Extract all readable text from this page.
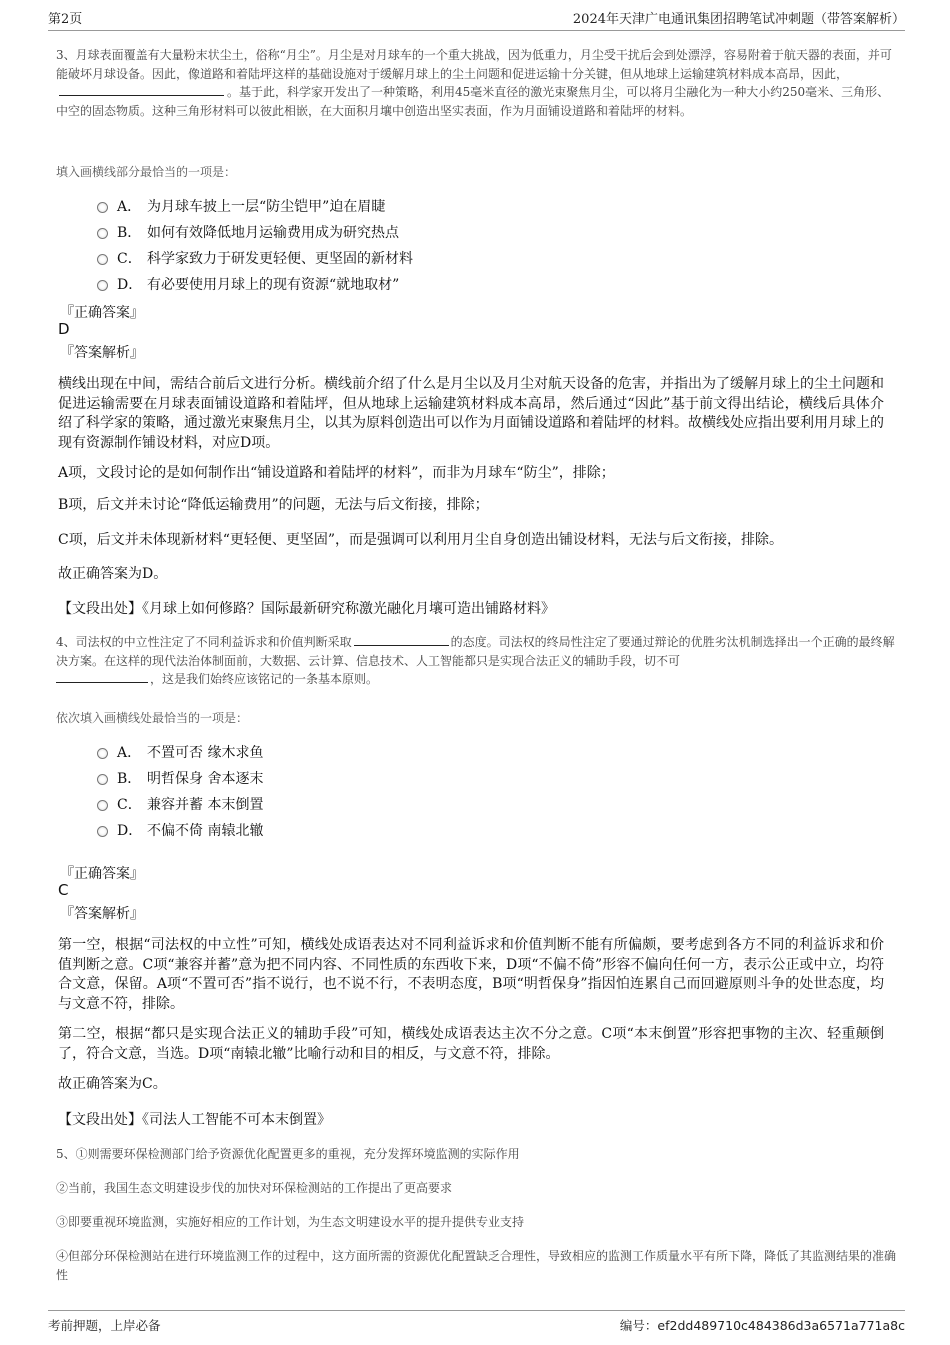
第2页	2024年天津广电通讯集团招聘笔试冲刺题（带答案解析）

3、月球表面覆盖有大量粉末状尘土，俗称“月尘”。月尘是对月球车的一个重大挑战，因为低重力，月尘受干扰后会到处漂浮，容易附着于航天器的表面，并可能破坏月球设备。因此，像道路和着陆坪这样的基础设施对于缓解月球上的尘土问题和促进运输十分关键，但从地球上运输建筑材料成本高昂，因此，。基于此，科学家开发出了一种策略，利用45毫米直径的激光束聚焦月尘，可以将月尘融化为一种大小约250毫米、三角形、中空的固态物质。这种三角形材料可以彼此相嵌，在大面积月壤中创造出坚实表面，作为月面铺设道路和着陆坪的材料。

填入画横线部分最恰当的一项是：

A． 为月球车披上一层“防尘铠甲”迫在眉睫
B． 如何有效降低地月运输费用成为研究热点
C． 科学家致力于研发更轻便、更坚固的新材料
D． 有必要使用月球上的现有资源“就地取材”
『正确答案』
D
『答案解析』

横线出现在中间，需结合前后文进行分析。横线前介绍了什么是月尘以及月尘对航天设备的危害，并指出为了缓解月球上的尘土问题和促进运输需要在月球表面铺设道路和着陆坪，但从地球上运输建筑材料成本高昂，然后通过“因此”基于前文得出结论，横线后具体介绍了科学家的策略，通过激光束聚焦月尘，以其为原料创造出可以作为月面铺设道路和着陆坪的材料。故横线处应指出要利用月球上的现有资源制作铺设材料，对应D项。

A项，文段讨论的是如何制作出“铺设道路和着陆坪的材料”，而非为月球车“防尘”，排除；

B项，后文并未讨论“降低运输费用”的问题，无法与后文衔接，排除；

C项，后文并未体现新材料“更轻便、更坚固”，而是强调可以利用月尘自身创造出铺设材料，无法与后文衔接，排除。

故正确答案为D。

【文段出处】《月球上如何修路？国际最新研究称激光融化月壤可造出铺路材料》

4、司法权的中立性注定了不同利益诉求和价值判断采取	的态度。司法权的终局性注定了要通过辩论的优胜劣汰机制选择出一个正确的最终解决方案。在这样的现代法治体制面前，大数据、云计算、信息技术、人工智能都只是实现合法正义的辅助手段，切不可
，这是我们始终应该铭记的一条基本原则。

依次填入画横线处最恰当的一项是：

A． 不置可否 缘木求鱼
B． 明哲保身 舍本逐末
C． 兼容并蓄 本末倒置
D． 不偏不倚 南辕北辙
『正确答案』
C
『答案解析』

第一空，根据“司法权的中立性”可知，横线处成语表达对不同利益诉求和价值判断不能有所偏颇，要考虑到各方不同的利益诉求和价值判断之意。C项“兼容并蓄”意为把不同内容、不同性质的东西收下来，D项“不偏不倚”形容不偏向任何一方，表示公正或中立，均符合文意，保留。A项“不置可否”指不说行，也不说不行，不表明态度，B项“明哲保身”指因怕连累自己而回避原则斗争的处世态度，均与文意不符，排除。

第二空，根据“都只是实现合法正义的辅助手段”可知，横线处成语表达主次不分之意。C项“本末倒置”形容把事物的主次、轻重颠倒了，符合文意，当选。D项“南辕北辙”比喻行动和目的相反，与文意不符，排除。

故正确答案为C。

【文段出处】《司法人工智能不可本末倒置》

5、①则需要环保检测部门给予资源优化配置更多的重视，充分发挥环境监测的实际作用

②当前，我国生态文明建设步伐的加快对环保检测站的工作提出了更高要求

③即要重视环境监测，实施好相应的工作计划，为生态文明建设水平的提升提供专业支持

④但部分环保检测站在进行环境监测工作的过程中，这方面所需的资源优化配置缺乏合理性，导致相应的监测工作质量水平有所下降，降低了其监测结果的准确性

考前押题，上岸必备	编号：ef2dd489710c484386d3a6571a771a8c
